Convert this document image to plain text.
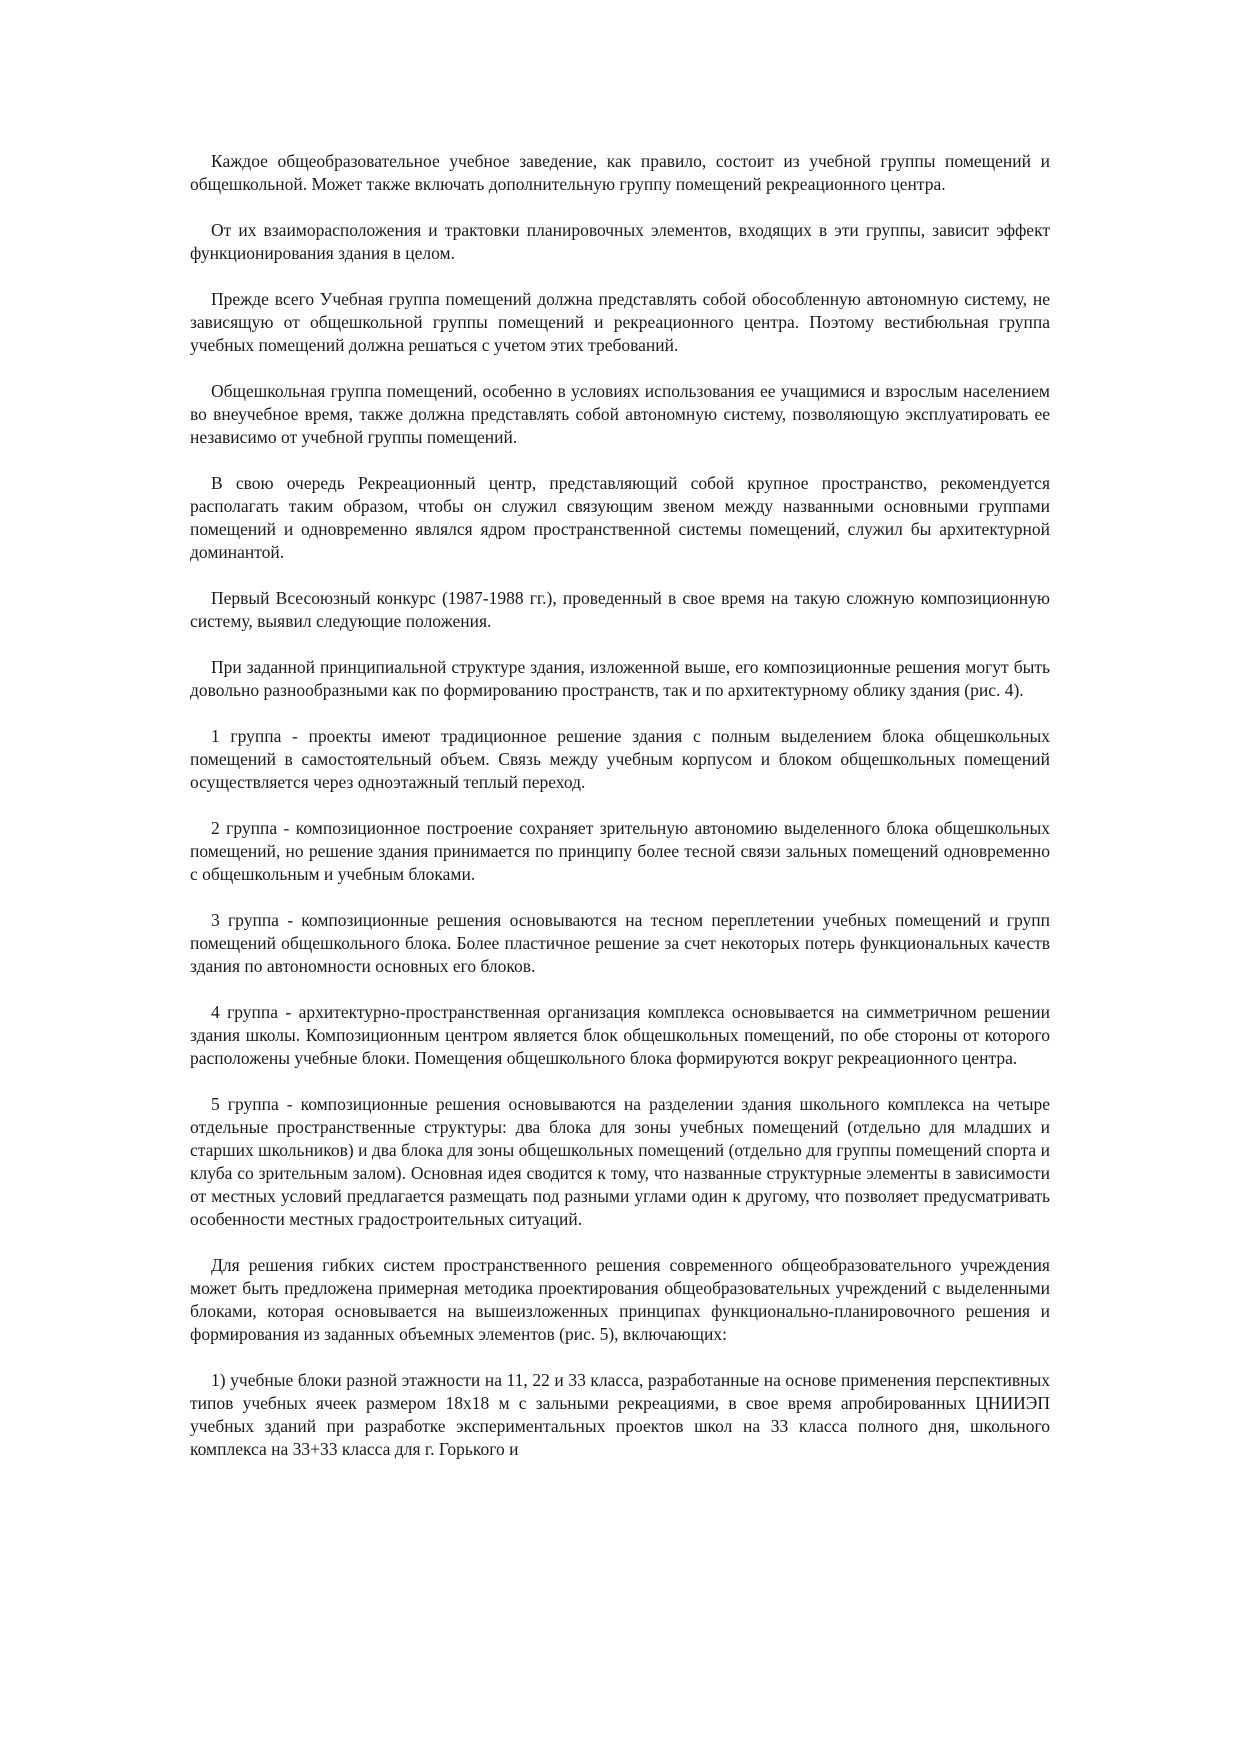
Каждое общеобразовательное учебное заведение, как правило, состоит из учебной группы помещений и общешкольной. Может также включать дополнительную группу помещений рекреационного центра.

От их взаиморасположения и трактовки планировочных элементов, входящих в эти группы, зависит эффект функционирования здания в целом.

Прежде всего Учебная группа помещений должна представлять собой обособленную автономную систему, не зависящую от общешкольной группы помещений и рекреационного центра. Поэтому вестибюльная группа учебных помещений должна решаться с учетом этих требований.

Общешкольная группа помещений, особенно в условиях использования ее учащимися и взрослым населением во внеучебное время, также должна представлять собой автономную систему, позволяющую эксплуатировать ее независимо от учебной группы помещений.

В свою очередь Рекреационный центр, представляющий собой крупное пространство, рекомендуется располагать таким образом, чтобы он служил связующим звеном между названными основными группами помещений и одновременно являлся ядром пространственной системы помещений, служил бы архитектурной доминантой.

Первый Всесоюзный конкурс (1987-1988 гг.), проведенный в свое время на такую сложную композиционную систему, выявил следующие положения.

При заданной принципиальной структуре здания, изложенной выше, его композиционные решения могут быть довольно разнообразными как по формированию пространств, так и по архитектурному облику здания (рис. 4).

1 группа - проекты имеют традиционное решение здания с полным выделением блока общешкольных помещений в самостоятельный объем. Связь между учебным корпусом и блоком общешкольных помещений осуществляется через одноэтажный теплый переход.

2 группа - композиционное построение сохраняет зрительную автономию выделенного блока общешкольных помещений, но решение здания принимается по принципу более тесной связи зальных помещений одновременно с общешкольным и учебным блоками.

3 группа - композиционные решения основываются на тесном переплетении учебных помещений и групп помещений общешкольного блока. Более пластичное решение за счет некоторых потерь функциональных качеств здания по автономности основных его блоков.

4 группа - архитектурно-пространственная организация комплекса основывается на симметричном решении здания школы. Композиционным центром является блок общешкольных помещений, по обе стороны от которого расположены учебные блоки. Помещения общешкольного блока формируются вокруг рекреационного центра.

5 группа - композиционные решения основываются на разделении здания школьного комплекса на четыре отдельные пространственные структуры: два блока для зоны учебных помещений (отдельно для младших и старших школьников) и два блока для зоны общешкольных помещений (отдельно для группы помещений спорта и клуба со зрительным залом). Основная идея сводится к тому, что названные структурные элементы в зависимости от местных условий предлагается размещать под разными углами один к другому, что позволяет предусматривать особенности местных градостроительных ситуаций.

Для решения гибких систем пространственного решения современного общеобразовательного учреждения может быть предложена примерная методика проектирования общеобразовательных учреждений с выделенными блоками, которая основывается на вышеизложенных принципах функционально-планировочного решения и формирования из заданных объемных элементов (рис. 5), включающих:

1) учебные блоки разной этажности на 11, 22 и 33 класса, разработанные на основе применения перспективных типов учебных ячеек размером 18х18 м с зальными рекреациями, в свое время апробированных ЦНИИЭП учебных зданий при разработке экспериментальных проектов школ на 33 класса полного дня, школьного комплекса на 33+33 класса для г. Горького и
